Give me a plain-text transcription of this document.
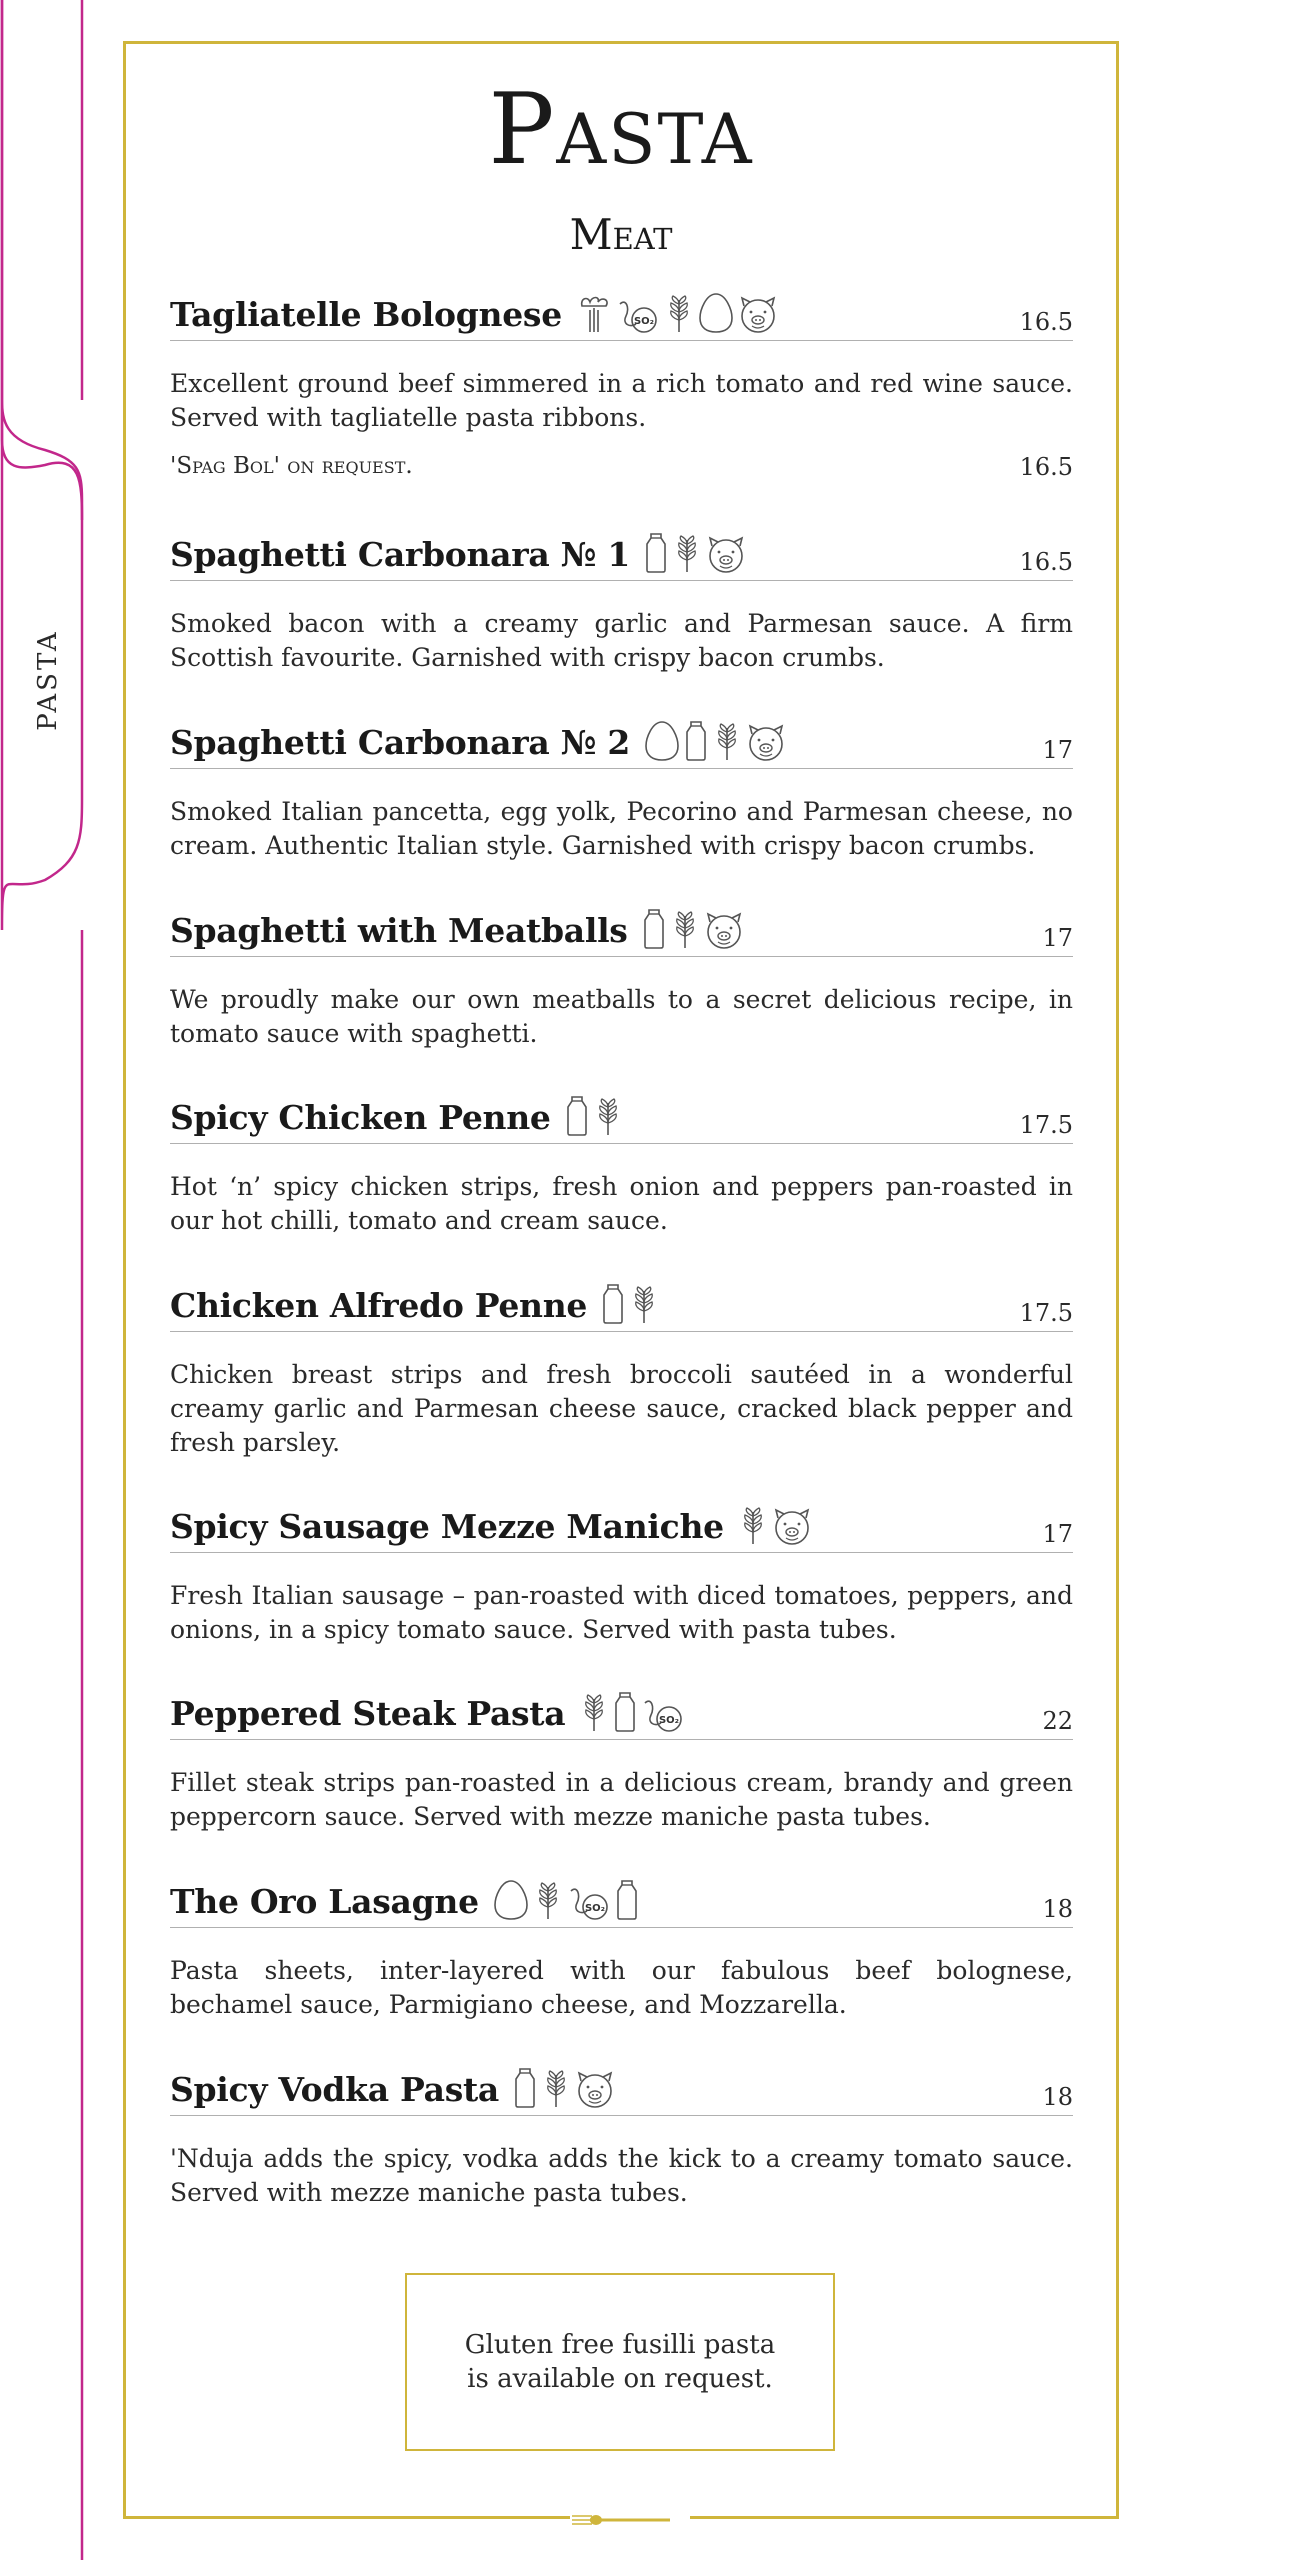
PASTA
Pasta
Meat
Tagliatelle Bolognese	SO₂	16.5
Excellent ground beef simmered in a rich tomato and red wine sauce. Served with tagliatelle pasta ribbons.
'Spag Bol' on request.	16.5
Spaghetti Carbonara № 1	16.5
Smoked bacon with a creamy garlic and Parmesan sauce. A firm Scottish favourite. Garnished with crispy bacon crumbs.
Spaghetti Carbonara № 2	17
Smoked Italian pancetta, egg yolk, Pecorino and Parmesan cheese, no cream. Authentic Italian style. Garnished with crispy bacon crumbs.
Spaghetti with Meatballs	17
We proudly make our own meatballs to a secret delicious recipe, in tomato sauce with spaghetti.
Spicy Chicken Penne	17.5
Hot ‘n’ spicy chicken strips, fresh onion and peppers pan-roasted in our hot chilli, tomato and cream sauce.
Chicken Alfredo Penne	17.5
Chicken breast strips and fresh broccoli sautéed in a wonderful creamy garlic and Parmesan cheese sauce, cracked black pepper and fresh parsley.
Spicy Sausage Mezze Maniche	17
Fresh Italian sausage – pan-roasted with diced tomatoes, peppers, and onions, in a spicy tomato sauce. Served with pasta tubes.
Peppered Steak Pasta	SO₂	22
Fillet steak strips pan-roasted in a delicious cream, brandy and green peppercorn sauce. Served with mezze maniche pasta tubes.
The Oro Lasagne	SO₂	18
Pasta sheets, inter-layered with our fabulous beef bolognese, bechamel sauce, Parmigiano cheese, and Mozzarella.
Spicy Vodka Pasta	18
'Nduja adds the spicy, vodka adds the kick to a creamy tomato sauce. Served with mezze maniche pasta tubes.
Gluten free fusilli pasta
is available on request.
